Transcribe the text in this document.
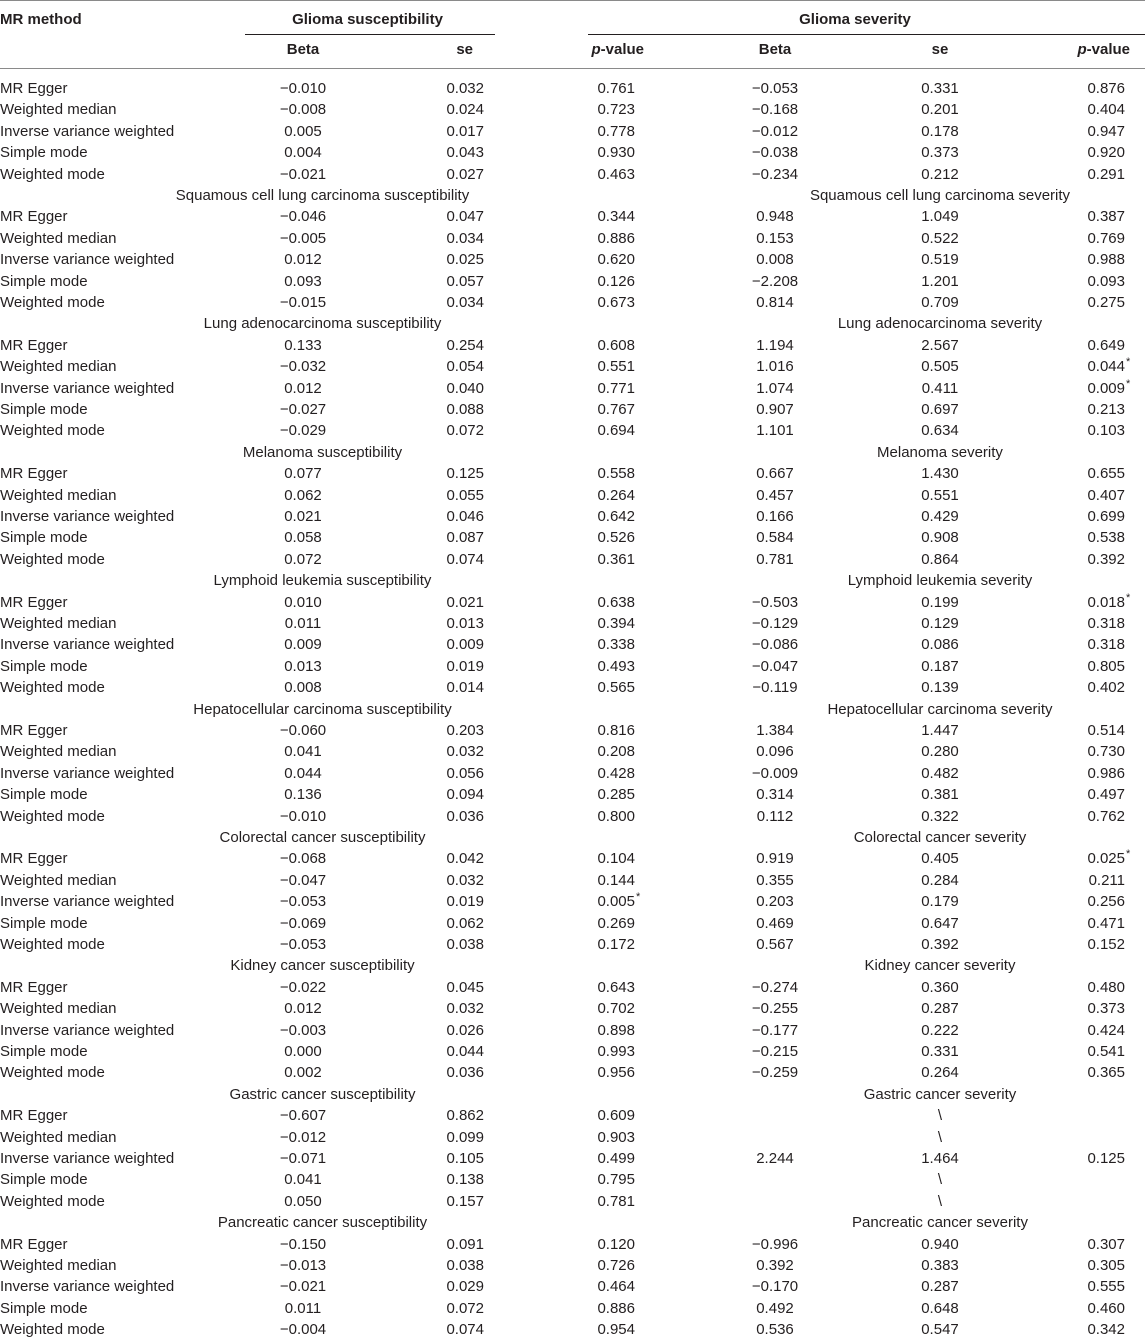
MR method	Glioma susceptibility	Glioma severity
Beta	se	p-value	Beta	se	p-value
MR Egger	−0.010	0.032	0.761	−0.053	0.331	0.876
Weighted median	−0.008	0.024	0.723	−0.168	0.201	0.404
Inverse variance weighted	0.005	0.017	0.778	−0.012	0.178	0.947
Simple mode	0.004	0.043	0.930	−0.038	0.373	0.920
Weighted mode	−0.021	0.027	0.463	−0.234	0.212	0.291
Squamous cell lung carcinoma susceptibility	Squamous cell lung carcinoma severity
MR Egger	−0.046	0.047	0.344	0.948	1.049	0.387
Weighted median	−0.005	0.034	0.886	0.153	0.522	0.769
Inverse variance weighted	0.012	0.025	0.620	0.008	0.519	0.988
Simple mode	0.093	0.057	0.126	−2.208	1.201	0.093
Weighted mode	−0.015	0.034	0.673	0.814	0.709	0.275
Lung adenocarcinoma susceptibility	Lung adenocarcinoma severity
MR Egger	0.133	0.254	0.608	1.194	2.567	0.649
Weighted median	−0.032	0.054	0.551	1.016	0.505	0.044 *
Inverse variance weighted	0.012	0.040	0.771	1.074	0.411	0.009 *
Simple mode	−0.027	0.088	0.767	0.907	0.697	0.213
Weighted mode	−0.029	0.072	0.694	1.101	0.634	0.103
Melanoma susceptibility	Melanoma severity
MR Egger	0.077	0.125	0.558	0.667	1.430	0.655
Weighted median	0.062	0.055	0.264	0.457	0.551	0.407
Inverse variance weighted	0.021	0.046	0.642	0.166	0.429	0.699
Simple mode	0.058	0.087	0.526	0.584	0.908	0.538
Weighted mode	0.072	0.074	0.361	0.781	0.864	0.392
Lymphoid leukemia susceptibility	Lymphoid leukemia severity
MR Egger	0.010	0.021	0.638	−0.503	0.199	0.018 *
Weighted median	0.011	0.013	0.394	−0.129	0.129	0.318
Inverse variance weighted	0.009	0.009	0.338	−0.086	0.086	0.318
Simple mode	0.013	0.019	0.493	−0.047	0.187	0.805
Weighted mode	0.008	0.014	0.565	−0.119	0.139	0.402
Hepatocellular carcinoma susceptibility	Hepatocellular carcinoma severity
MR Egger	−0.060	0.203	0.816	1.384	1.447	0.514
Weighted median	0.041	0.032	0.208	0.096	0.280	0.730
Inverse variance weighted	0.044	0.056	0.428	−0.009	0.482	0.986
Simple mode	0.136	0.094	0.285	0.314	0.381	0.497
Weighted mode	−0.010	0.036	0.800	0.112	0.322	0.762
Colorectal cancer susceptibility	Colorectal cancer severity
MR Egger	−0.068	0.042	0.104	0.919	0.405	0.025 *
Weighted median	−0.047	0.032	0.144	0.355	0.284	0.211
Inverse variance weighted	−0.053	0.019	0.005 *	0.203	0.179	0.256
Simple mode	−0.069	0.062	0.269	0.469	0.647	0.471
Weighted mode	−0.053	0.038	0.172	0.567	0.392	0.152
Kidney cancer susceptibility	Kidney cancer severity
MR Egger	−0.022	0.045	0.643	−0.274	0.360	0.480
Weighted median	0.012	0.032	0.702	−0.255	0.287	0.373
Inverse variance weighted	−0.003	0.026	0.898	−0.177	0.222	0.424
Simple mode	0.000	0.044	0.993	−0.215	0.331	0.541
Weighted mode	0.002	0.036	0.956	−0.259	0.264	0.365
Gastric cancer susceptibility	Gastric cancer severity
MR Egger	−0.607	0.862	0.609	\
Weighted median	−0.012	0.099	0.903	\
Inverse variance weighted	−0.071	0.105	0.499	2.244	1.464	0.125
Simple mode	0.041	0.138	0.795	\
Weighted mode	0.050	0.157	0.781	\
Pancreatic cancer susceptibility	Pancreatic cancer severity
MR Egger	−0.150	0.091	0.120	−0.996	0.940	0.307
Weighted median	−0.013	0.038	0.726	0.392	0.383	0.305
Inverse variance weighted	−0.021	0.029	0.464	−0.170	0.287	0.555
Simple mode	0.011	0.072	0.886	0.492	0.648	0.460
Weighted mode	−0.004	0.074	0.954	0.536	0.547	0.342
